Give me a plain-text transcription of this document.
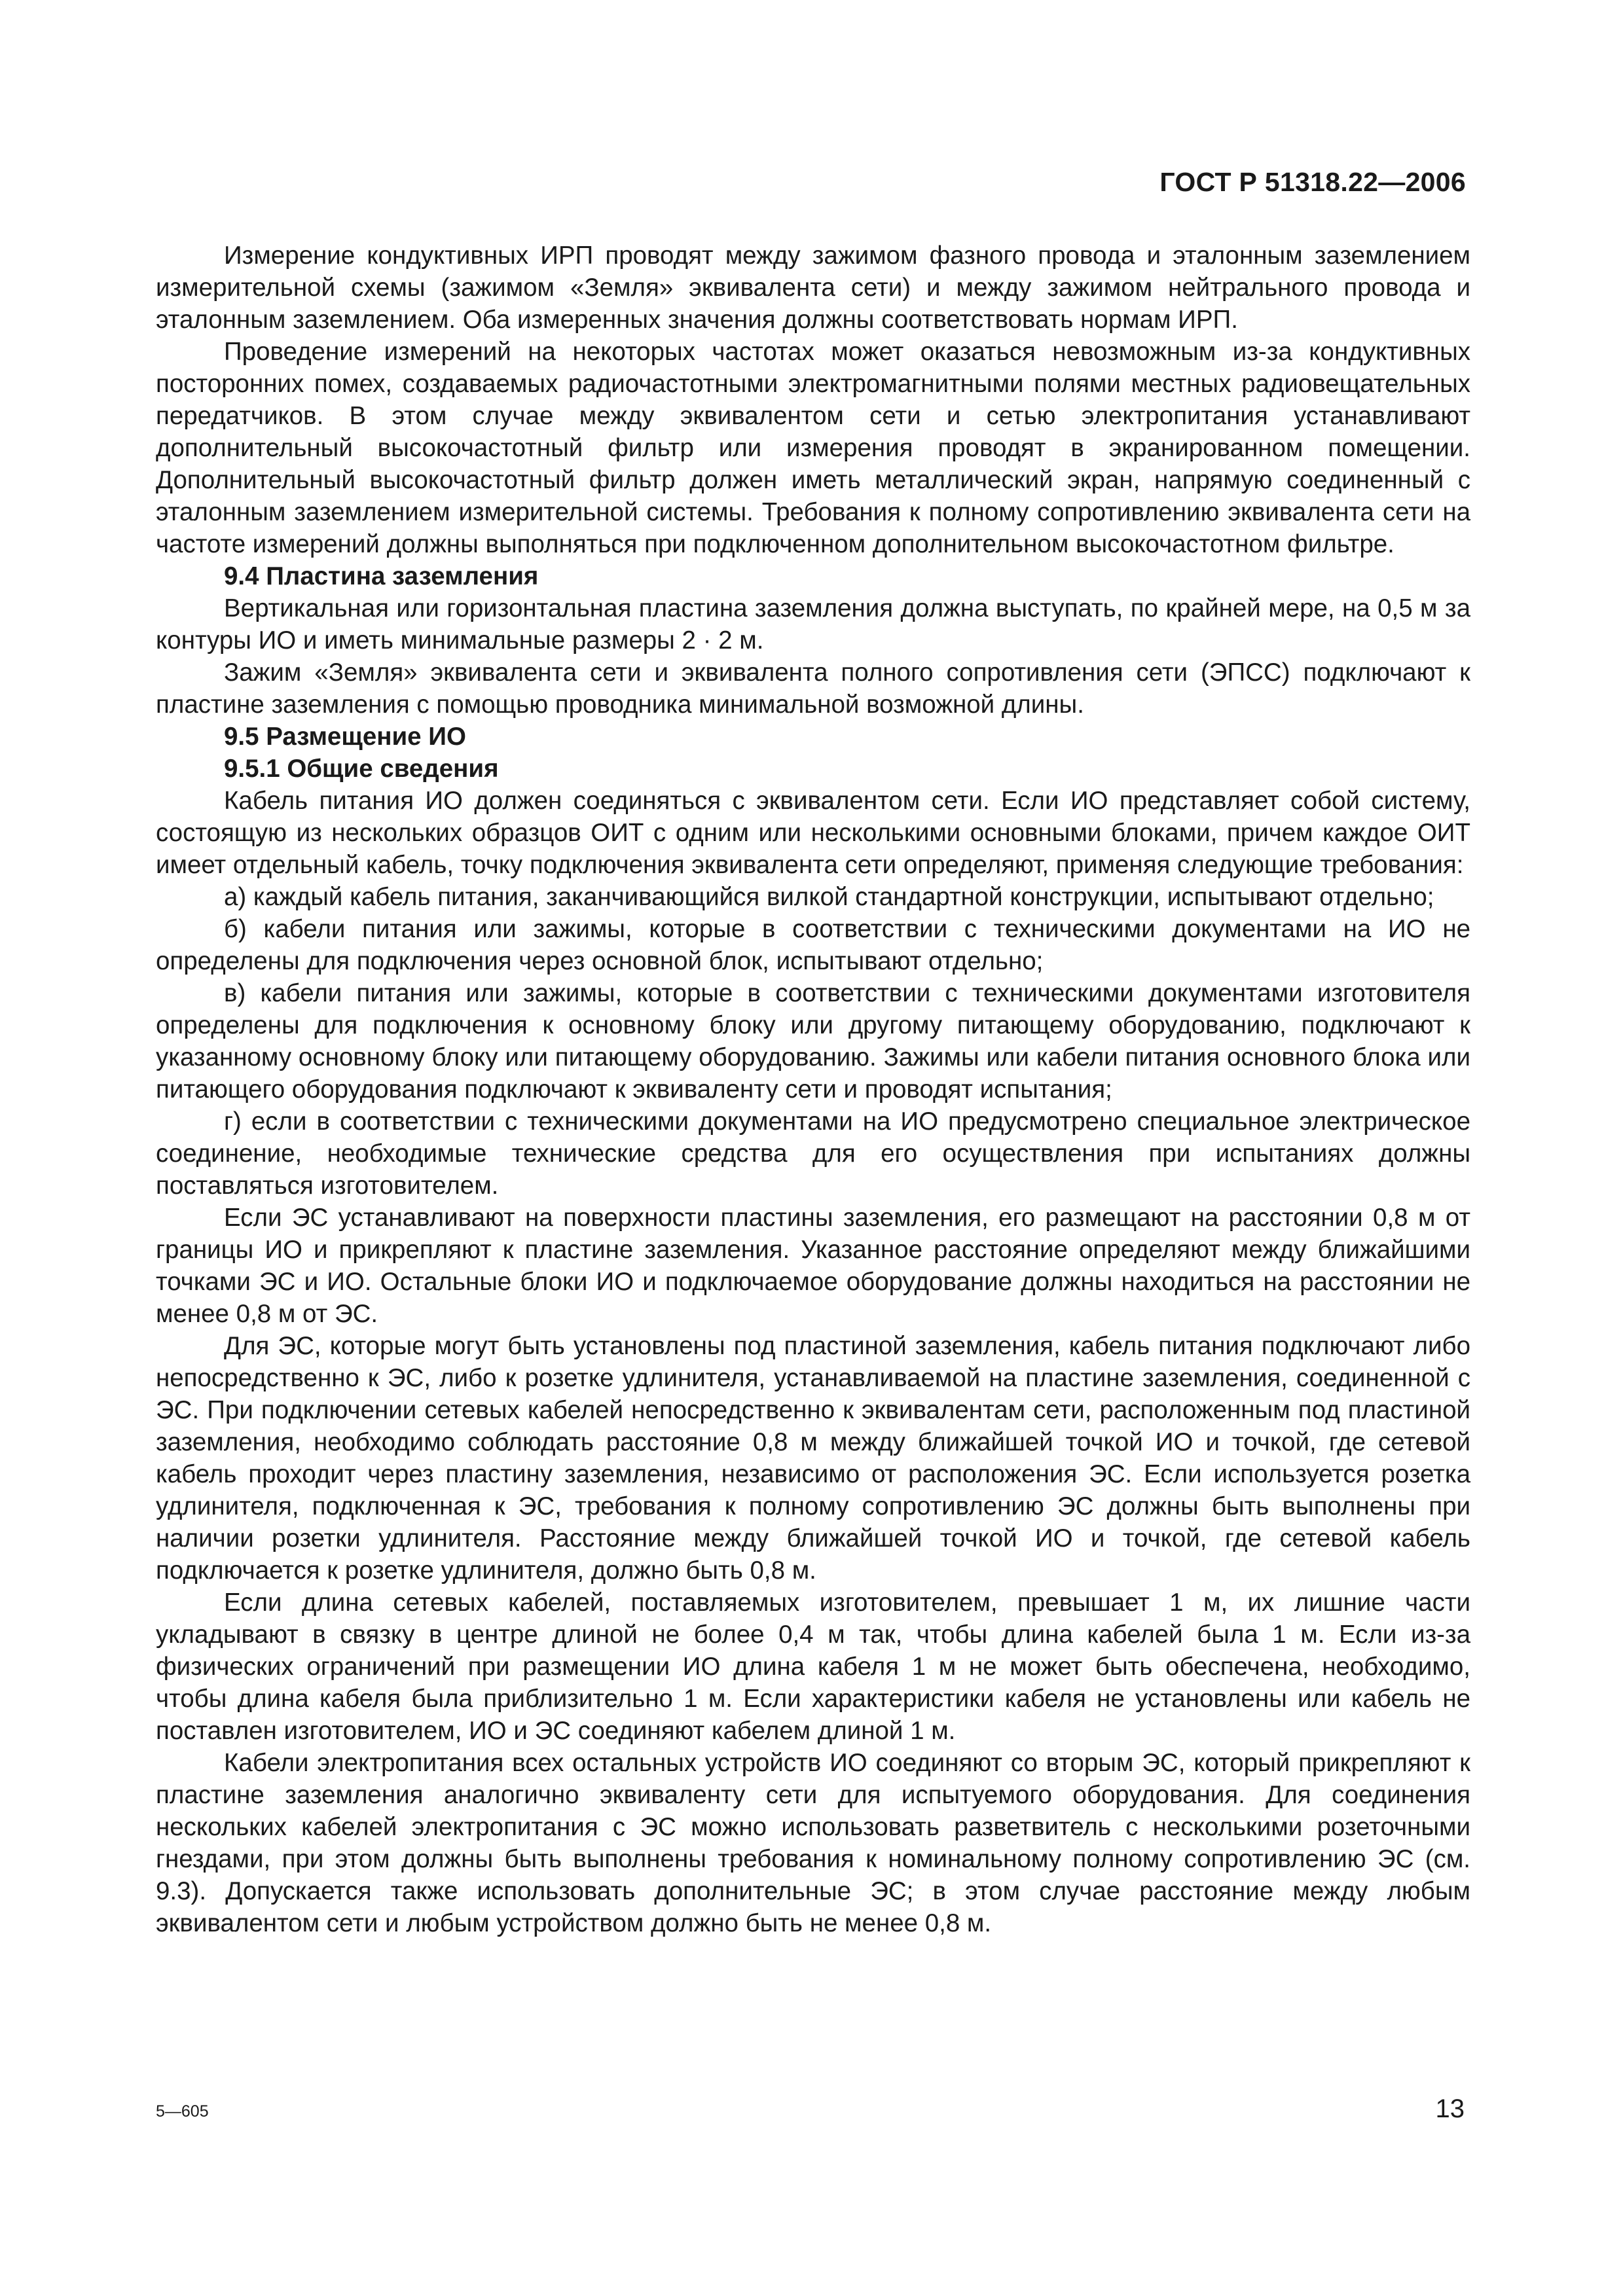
ГОСТ Р 51318.22—2006

Измерение кондуктивных ИРП проводят между зажимом фазного провода и эталонным заземлением измерительной схемы (зажимом «Земля» эквивалента сети) и между зажимом нейтрального провода и эталонным заземлением. Оба измеренных значения должны соответствовать нормам ИРП.

Проведение измерений на некоторых частотах может оказаться невозможным из-за кондуктивных посторонних помех, создаваемых радиочастотными электромагнитными полями местных радиовещательных передатчиков. В этом случае между эквивалентом сети и сетью электропитания устанавливают дополнительный высокочастотный фильтр или измерения проводят в экранированном помещении. Дополнительный высокочастотный фильтр должен иметь металлический экран, напрямую соединенный с эталонным заземлением измерительной системы. Требования к полному сопротивлению эквивалента сети на частоте измерений должны выполняться при подключенном дополнительном высокочастотном фильтре.

9.4 Пластина заземления

Вертикальная или горизонтальная пластина заземления должна выступать, по крайней мере, на 0,5 м за контуры ИО и иметь минимальные размеры 2 · 2 м.

Зажим «Земля» эквивалента сети и эквивалента полного сопротивления сети (ЭПСС) подключают к пластине заземления с помощью проводника минимальной возможной длины.

9.5 Размещение ИО
9.5.1 Общие сведения

Кабель питания ИО должен соединяться с эквивалентом сети. Если ИО представляет собой систему, состоящую из нескольких образцов ОИТ с одним или несколькими основными блоками, причем каждое ОИТ имеет отдельный кабель, точку подключения эквивалента сети определяют, применяя следующие требования:

а) каждый кабель питания, заканчивающийся вилкой стандартной конструкции, испытывают отдельно;

б) кабели питания или зажимы, которые в соответствии с техническими документами на ИО не определены для подключения через основной блок, испытывают отдельно;

в) кабели питания или зажимы, которые в соответствии с техническими документами изготовителя определены для подключения к основному блоку или другому питающему оборудованию, подключают к указанному основному блоку или питающему оборудованию. Зажимы или кабели питания основного блока или питающего оборудования подключают к эквиваленту сети и проводят испытания;

г) если в соответствии с техническими документами на ИО предусмотрено специальное электрическое соединение, необходимые технические средства для его осуществления при испытаниях должны поставляться изготовителем.

Если ЭС устанавливают на поверхности пластины заземления, его размещают на расстоянии 0,8 м от границы ИО и прикрепляют к пластине заземления. Указанное расстояние определяют между ближайшими точками ЭС и ИО. Остальные блоки ИО и подключаемое оборудование должны находиться на расстоянии не менее 0,8 м от ЭС.

Для ЭС, которые могут быть установлены под пластиной заземления, кабель питания подключают либо непосредственно к ЭС, либо к розетке удлинителя, устанавливаемой на пластине заземления, соединенной с ЭС. При подключении сетевых кабелей непосредственно к эквивалентам сети, расположенным под пластиной заземления, необходимо соблюдать расстояние 0,8 м между ближайшей точкой ИО и точкой, где сетевой кабель проходит через пластину заземления, независимо от расположения ЭС. Если используется розетка удлинителя, подключенная к ЭС, требования к полному сопротивлению ЭС должны быть выполнены при наличии розетки удлинителя. Расстояние между ближайшей точкой ИО и точкой, где сетевой кабель подключается к розетке удлинителя, должно быть 0,8 м.

Если длина сетевых кабелей, поставляемых изготовителем, превышает 1 м, их лишние части укладывают в связку в центре длиной не более 0,4 м так, чтобы длина кабелей была 1 м. Если из-за физических ограничений при размещении ИО длина кабеля 1 м не может быть обеспечена, необходимо, чтобы длина кабеля была приблизительно 1 м. Если характеристики кабеля не установлены или кабель не поставлен изготовителем, ИО и ЭС соединяют кабелем длиной 1 м.

Кабели электропитания всех остальных устройств ИО соединяют со вторым ЭС, который прикрепляют к пластине заземления аналогично эквиваленту сети для испытуемого оборудования. Для соединения нескольких кабелей электропитания с ЭС можно использовать разветвитель с несколькими розеточными гнездами, при этом должны быть выполнены требования к номинальному полному сопротивлению ЭС (см. 9.3). Допускается также использовать дополнительные ЭС; в этом случае расстояние между любым эквивалентом сети и любым устройством должно быть не менее 0,8 м.

5—605	13
